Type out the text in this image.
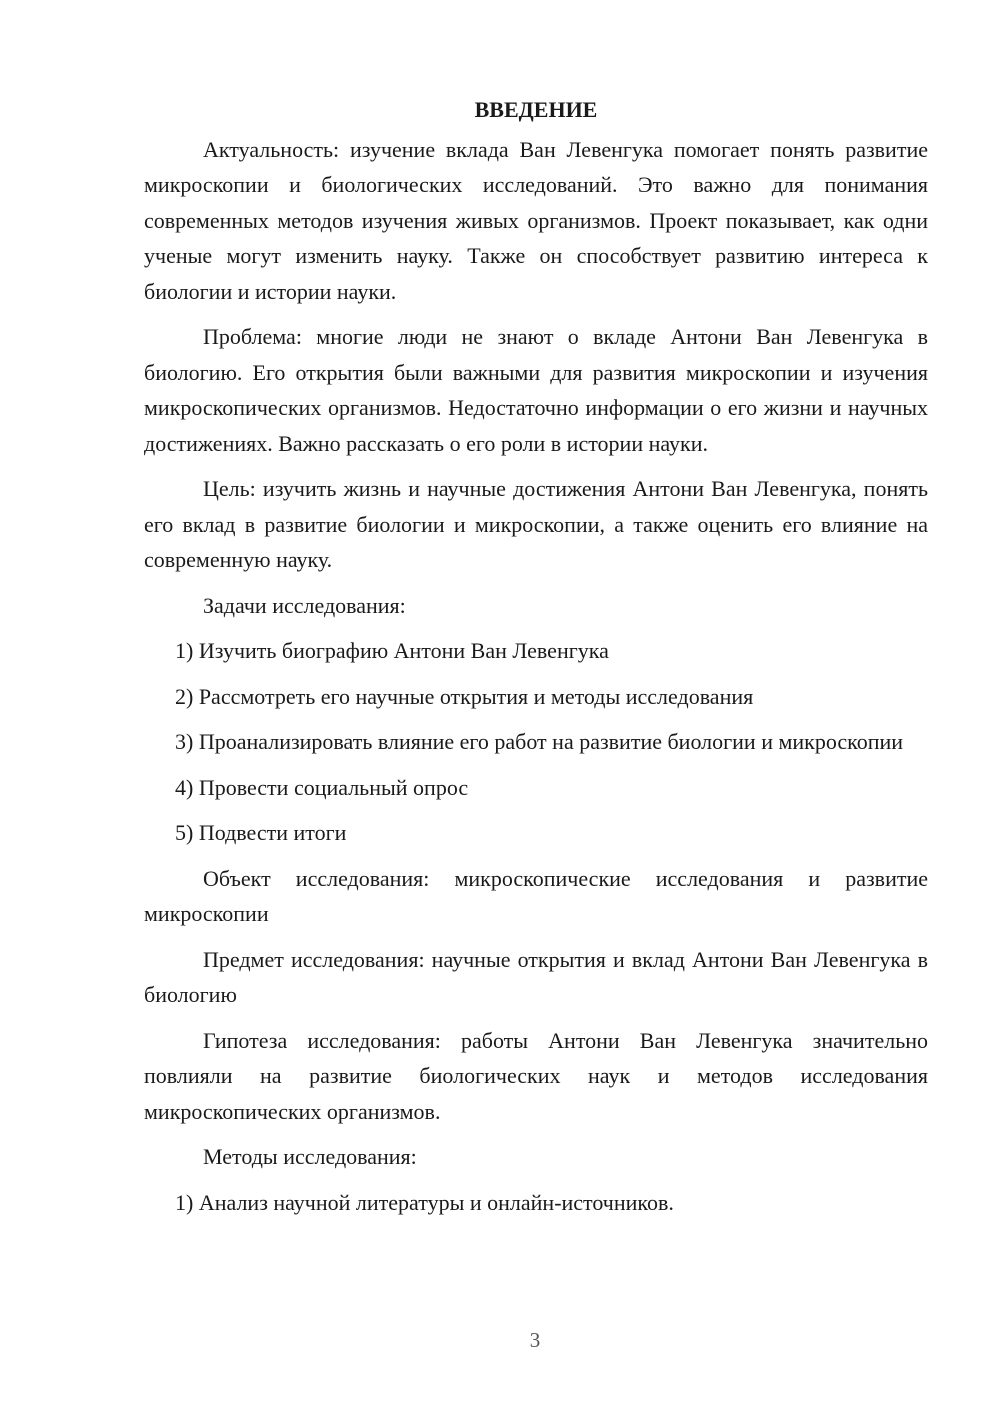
ВВЕДЕНИЕ

Актуальность: изучение вклада Ван Левенгука помогает понять развитие микроскопии и биологических исследований. Это важно для понимания современных методов изучения живых организмов. Проект показывает, как одни ученые могут изменить науку. Также он способствует развитию интереса к биологии и истории науки.

Проблема: многие люди не знают о вкладе Антони Ван Левенгука в биологию. Его открытия были важными для развития микроскопии и изучения микроскопических организмов. Недостаточно информации о его жизни и научных достижениях. Важно рассказать о его роли в истории науки.

Цель: изучить жизнь и научные достижения Антони Ван Левенгука, понять его вклад в развитие биологии и микроскопии, а также оценить его влияние на современную науку.

Задачи исследования:

1) Изучить биографию Антони Ван Левенгука

2) Рассмотреть его научные открытия и методы исследования

3) Проанализировать влияние его работ на развитие биологии и микроскопии

4) Провести социальный опрос

5) Подвести итоги

Объект исследования: микроскопические исследования и развитие микроскопии

Предмет исследования: научные открытия и вклад Антони Ван Левенгука в биологию

Гипотеза исследования: работы Антони Ван Левенгука значительно повлияли на развитие биологических наук и методов исследования микроскопических организмов.

Методы исследования:

1) Анализ научной литературы и онлайн-источников.

3
